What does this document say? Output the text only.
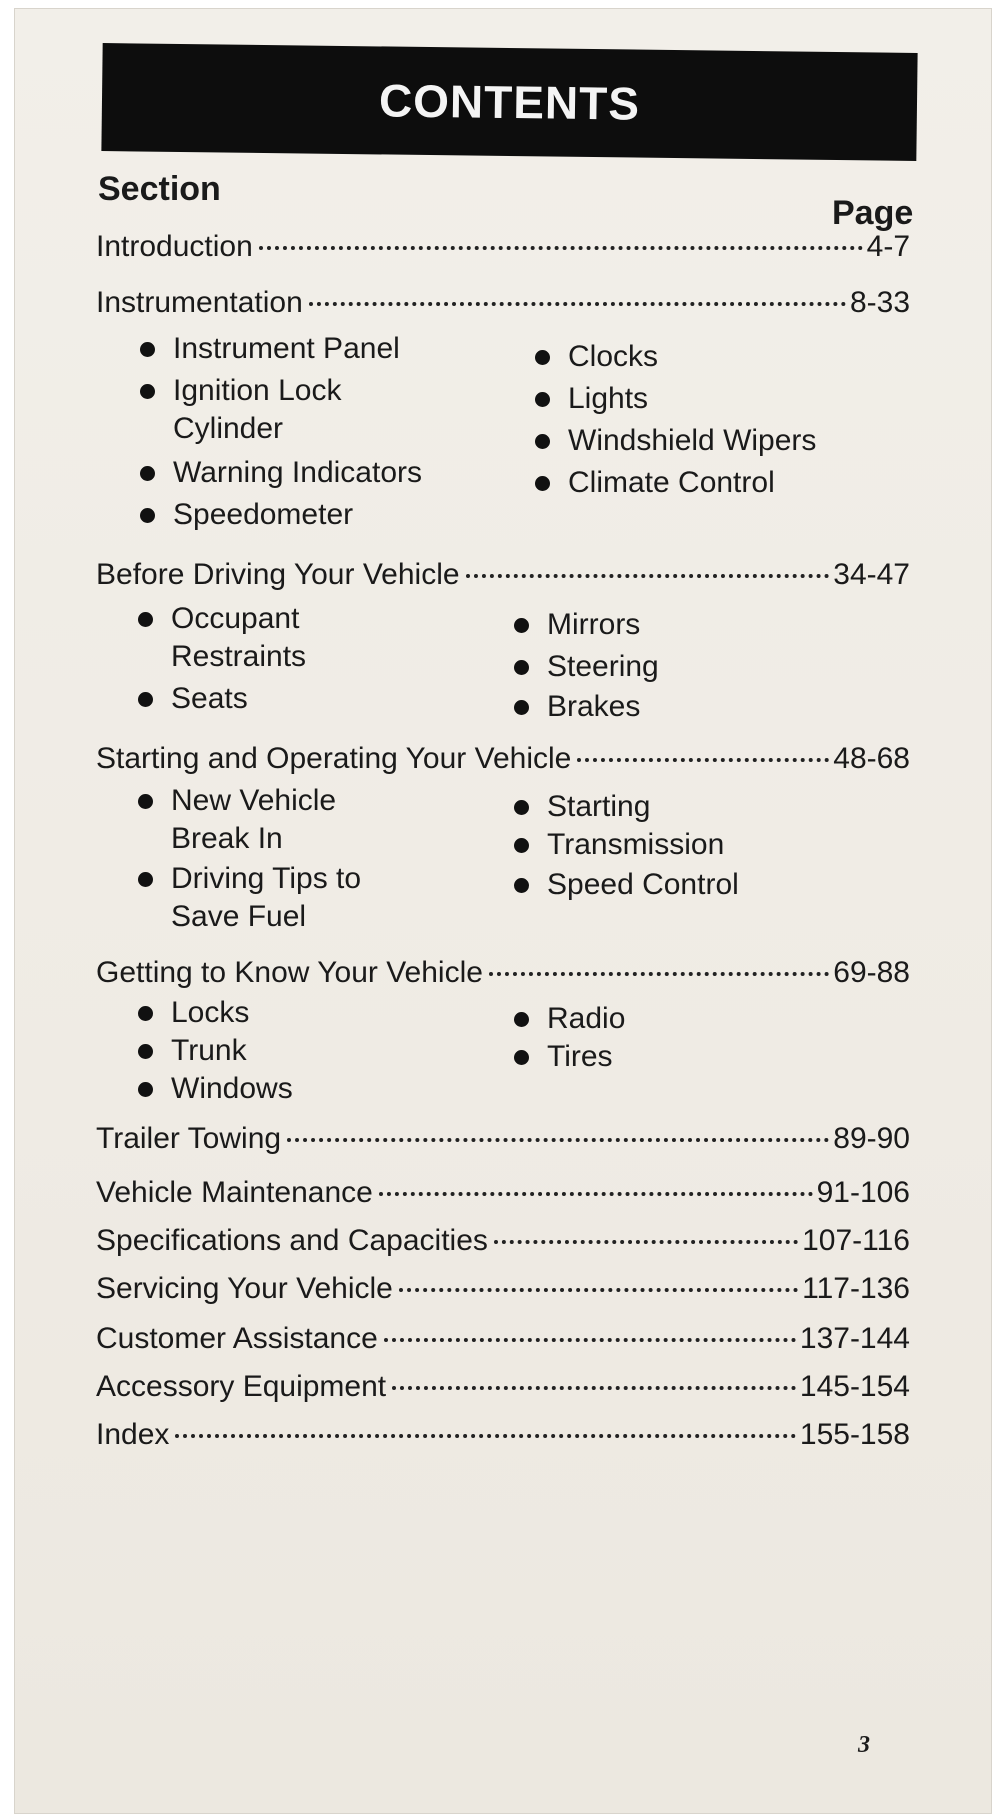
CONTENTS
Section
Page
Introduction	4-7
Instrumentation	8-33
Instrument Panel
Ignition Lock
Cylinder
Warning Indicators
Speedometer
Clocks
Lights
Windshield Wipers
Climate Control
Before Driving Your Vehicle	34-47
Occupant
Restraints
Seats
Mirrors
Steering
Brakes
Starting and Operating Your Vehicle	48-68
New Vehicle
Break In
Driving Tips to
Save Fuel
Starting
Transmission
Speed Control
Getting to Know Your Vehicle	69-88
Locks
Trunk
Windows
Radio
Tires
Trailer Towing	89-90
Vehicle Maintenance	91-106
Specifications and Capacities	107-116
Servicing Your Vehicle	117-136
Customer Assistance	137-144
Accessory Equipment	145-154
Index	155-158
3
